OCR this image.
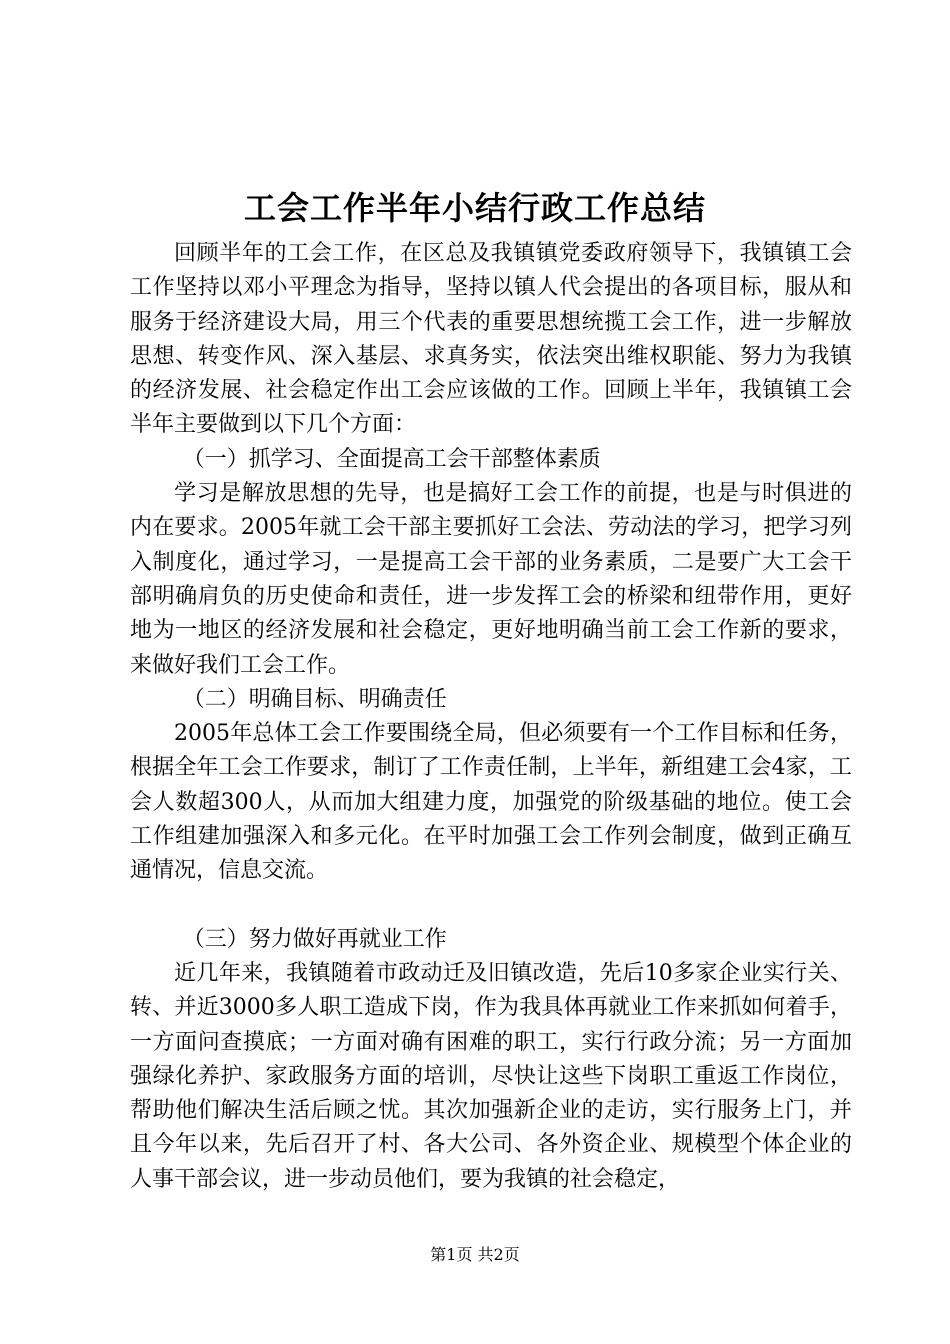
工会工作半年小结行政工作总结

回顾半年的工会工作，在区总及我镇镇党委政府领导下，我镇镇工会工作坚持以邓小平理念为指导，坚持以镇人代会提出的各项目标，服从和服务于经济建设大局，用三个代表的重要思想统揽工会工作，进一步解放思想、转变作风、深入基层、求真务实，依法突出维权职能、努力为我镇的经济发展、社会稳定作出工会应该做的工作。回顾上半年，我镇镇工会半年主要做到以下几个方面：

（一）抓学习、全面提高工会干部整体素质

学习是解放思想的先导，也是搞好工会工作的前提，也是与时俱进的内在要求。2005年就工会干部主要抓好工会法、劳动法的学习，把学习列入制度化，通过学习，一是提高工会干部的业务素质，二是要广大工会干部明确肩负的历史使命和责任，进一步发挥工会的桥梁和纽带作用，更好地为一地区的经济发展和社会稳定，更好地明确当前工会工作新的要求，来做好我们工会工作。

（二）明确目标、明确责任

2005年总体工会工作要围绕全局，但必须要有一个工作目标和任务，根据全年工会工作要求，制订了工作责任制，上半年，新组建工会4家，工会人数超300人，从而加大组建力度，加强党的阶级基础的地位。使工会工作组建加强深入和多元化。在平时加强工会工作列会制度，做到正确互通情况，信息交流。

（三）努力做好再就业工作

近几年来，我镇随着市政动迁及旧镇改造，先后10多家企业实行关、转、并近3000多人职工造成下岗，作为我具体再就业工作来抓如何着手，一方面问查摸底；一方面对确有困难的职工，实行行政分流；另一方面加强绿化养护、家政服务方面的培训，尽快让这些下岗职工重返工作岗位，帮助他们解决生活后顾之忧。其次加强新企业的走访，实行服务上门，并且今年以来，先后召开了村、各大公司、各外资企业、规模型个体企业的人事干部会议，进一步动员他们，要为我镇的社会稳定，

第1页 共2页
